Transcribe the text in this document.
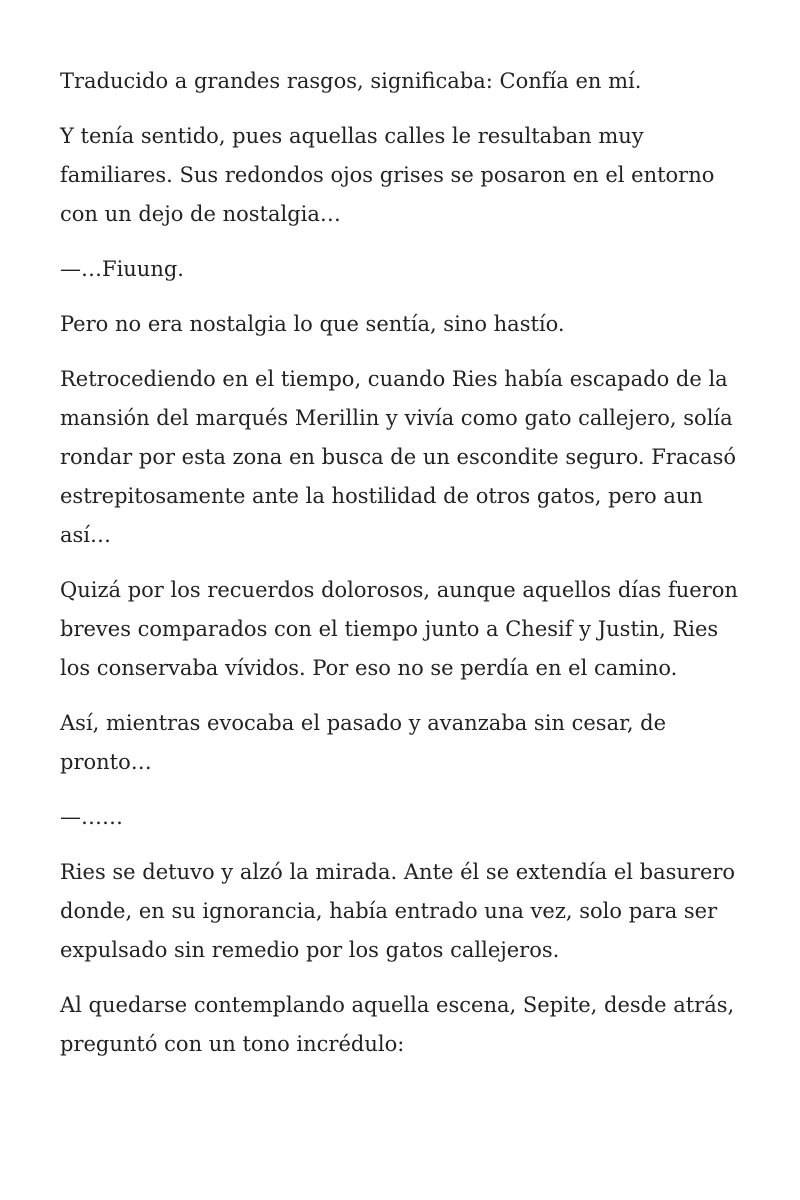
Traducido a grandes rasgos, significaba: Confía en mí.

Y tenía sentido, pues aquellas calles le resultaban muy familiares. Sus redondos ojos grises se posaron en el entorno con un dejo de nostalgia…

—…Fiuung.

Pero no era nostalgia lo que sentía, sino hastío.

Retrocediendo en el tiempo, cuando Ries había escapado de la mansión del marqués Merillin y vivía como gato callejero, solía rondar por esta zona en busca de un escondite seguro. Fracasó estrepitosamente ante la hostilidad de otros gatos, pero aun así…

Quizá por los recuerdos dolorosos, aunque aquellos días fueron breves comparados con el tiempo junto a Chesif y Justin, Ries los conservaba vívidos. Por eso no se perdía en el camino.

Así, mientras evocaba el pasado y avanzaba sin cesar, de pronto…

—……

Ries se detuvo y alzó la mirada. Ante él se extendía el basurero donde, en su ignorancia, había entrado una vez, solo para ser expulsado sin remedio por los gatos callejeros.

Al quedarse contemplando aquella escena, Sepite, desde atrás, preguntó con un tono incrédulo:
